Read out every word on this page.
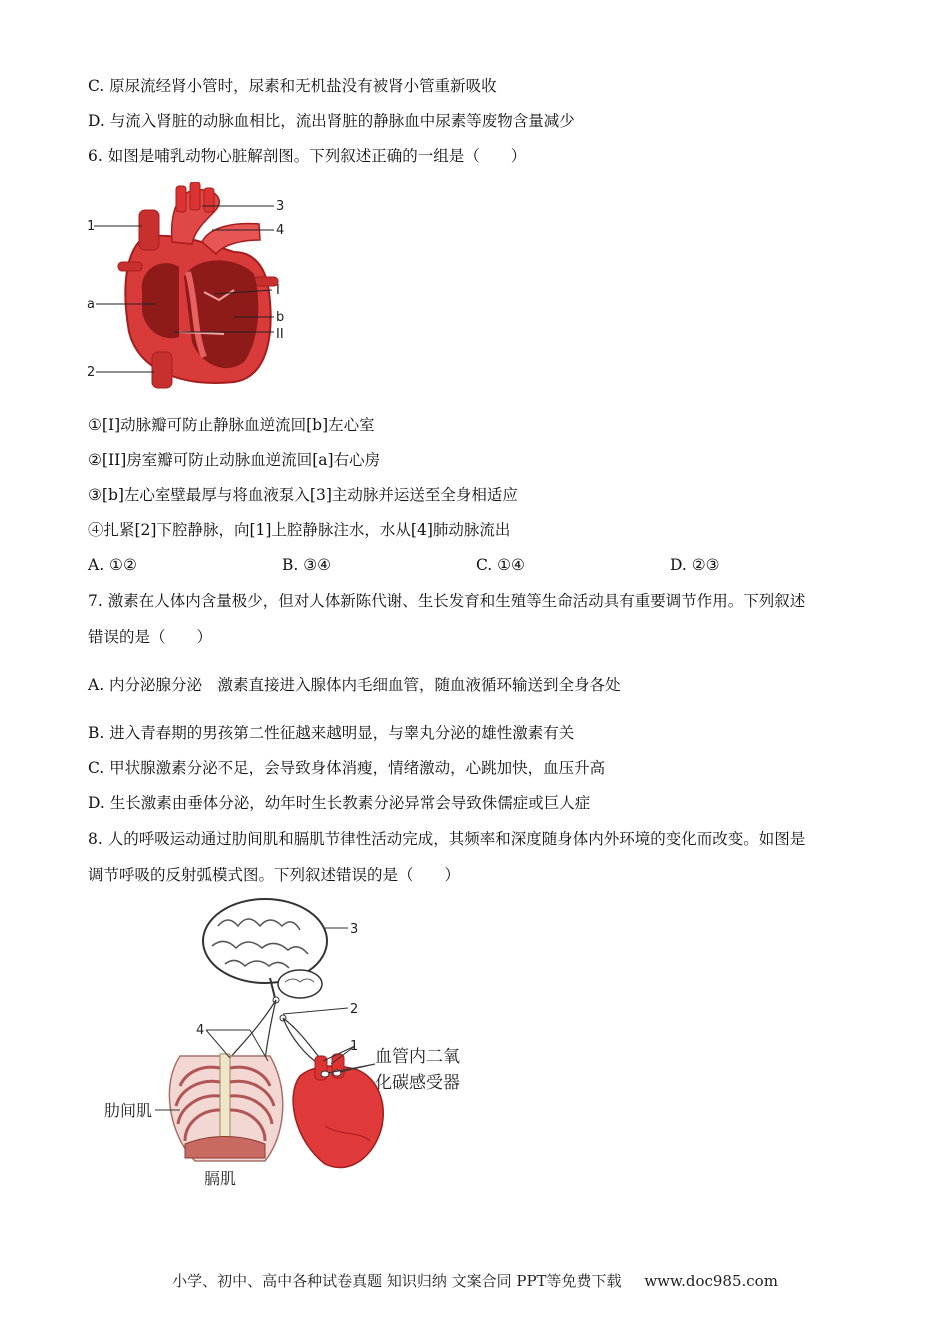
C. 原尿流经肾小管时，尿素和无机盐没有被肾小管重新吸收
D. 与流入肾脏的动脉血相比，流出肾脏的静脉血中尿素等废物含量减少
6. 如图是哺乳动物心脏解剖图。下列叙述正确的一组是（　　）
1
3
4
a
I
b
II
2
①[I]动脉瓣可防止静脉血逆流回[b]左心室
②[II]房室瓣可防止动脉血逆流回[a]右心房
③[b]左心室壁最厚与将血液泵入[3]主动脉并运送至全身相适应
④扎紧[2]下腔静脉，向[1]上腔静脉注水，水从[4]肺动脉流出
A. ①②	B. ③④	C. ①④	D. ②③
7. 激素在人体内含量极少，但对人体新陈代谢、生长发育和生殖等生命活动具有重要调节作用。下列叙述
错误的是（　　）
A. 内分泌腺分泌　激素直接进入腺体内毛细血管，随血液循环输送到全身各处
B. 进入青春期的男孩第二性征越来越明显，与睾丸分泌的雄性激素有关
C. 甲状腺激素分泌不足，会导致身体消瘦，情绪激动，心跳加快，血压升高
D. 生长激素由垂体分泌，幼年时生长教素分泌异常会导致侏儒症或巨人症
8. 人的呼吸运动通过肋间肌和膈肌节律性活动完成，其频率和深度随身体内外环境的变化而改变。如图是
调节呼吸的反射弧模式图。下列叙述错误的是（　　）
3
2
4
1
血管内二氧
化碳感受器
肋间肌
膈肌
小学、初中、高中各种试卷真题 知识归纳 文案合同 PPT等免费下载 www.doc985.com
